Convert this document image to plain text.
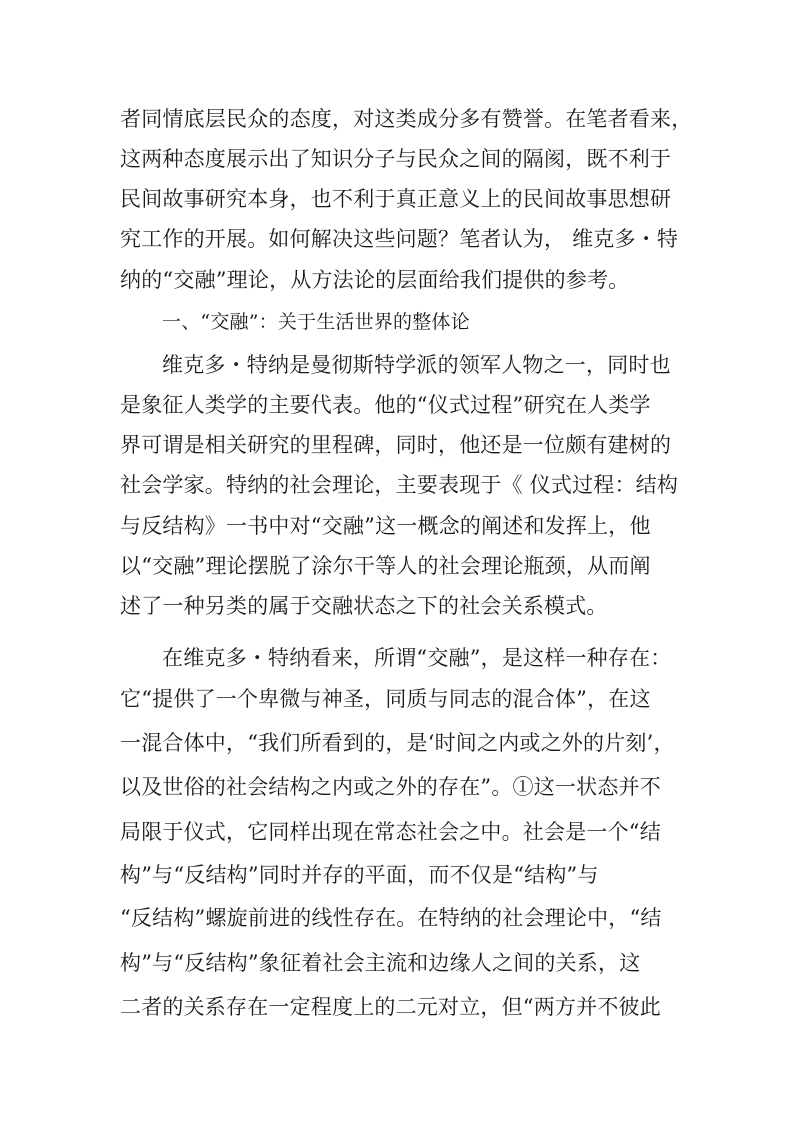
者同情底层民众的态度，对这类成分多有赞誉。在笔者看来，
这两种态度展示出了知识分子与民众之间的隔阂，既不利于
民间故事研究本身，也不利于真正意义上的民间故事思想研
究工作的开展。如何解决这些问题？笔者认为， 维克多・特
纳的“交融”理论，从方法论的层面给我们提供的参考。
一、“交融”：关于生活世界的整体论
维克多・特纳是曼彻斯特学派的领军人物之一，同时也
是象征人类学的主要代表。他的“仪式过程”研究在人类学
界可谓是相关研究的里程碑，同时，他还是一位颇有建树的
社会学家。特纳的社会理论，主要表现于《 仪式过程：结构
与反结构》一书中对“交融”这一概念的阐述和发挥上，他
以“交融”理论摆脱了涂尔干等人的社会理论瓶颈，从而阐
述了一种另类的属于交融状态之下的社会关系模式。
在维克多・特纳看来，所谓“交融”，是这样一种存在：
它“提供了一个卑微与神圣，同质与同志的混合体”，在这
一混合体中，“我们所看到的，是‘时间之内或之外的片刻’，
以及世俗的社会结构之内或之外的存在”。①这一状态并不
局限于仪式，它同样出现在常态社会之中。社会是一个“结
构”与“反结构”同时并存的平面，而不仅是“结构”与
“反结构”螺旋前进的线性存在。在特纳的社会理论中，“结
构”与“反结构”象征着社会主流和边缘人之间的关系，这
二者的关系存在一定程度上的二元对立，但“两方并不彼此
